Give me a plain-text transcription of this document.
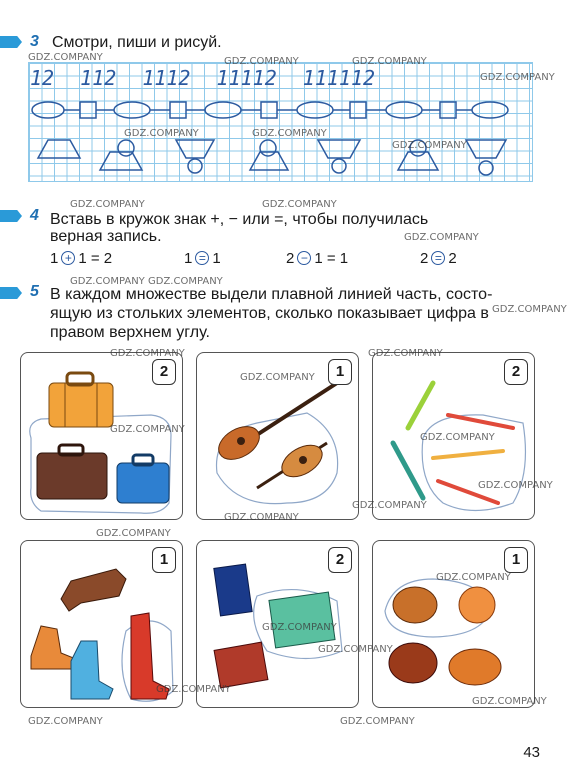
3 Смотри, пиши и рисуй.
12 112 1112 11112 111112
4 Вставь в кружок знак +, − или =, чтобы получилась
верная запись.
1 + 1 = 2	1 = 1	2 − 1 = 1	2 = 2
5 В каждом множестве выдели плавной линией часть, состо-
ящую из стольких элементов, сколько показывает цифра в
правом верхнем углу.
2	1	2
1	2	1
GDZ.COMPANY	GDZ.COMPANY	GDZ.COMPANY
GDZ.COMPANY
GDZ.COMPANY	GDZ.COMPANY
GDZ.COMPANY
GDZ.COMPANY	GDZ.COMPANY
GDZ.COMPANY
GDZ.COMPANY GDZ.COMPANY
GDZ.COMPANY
GDZ.COMPANY	GDZ.COMPANY
GDZ.COMPANY
GDZ.COMPANY
GDZ.COMPANY
GDZ.COMPANY
GDZ.COMPANY
GDZ.COMPANY
GDZ.COMPANY
GDZ.COMPANY
GDZ.COMPANY
GDZ.COMPANY
GDZ.COMPANY
GDZ.COMPANY
GDZ.COMPANY	GDZ.COMPANY
43
